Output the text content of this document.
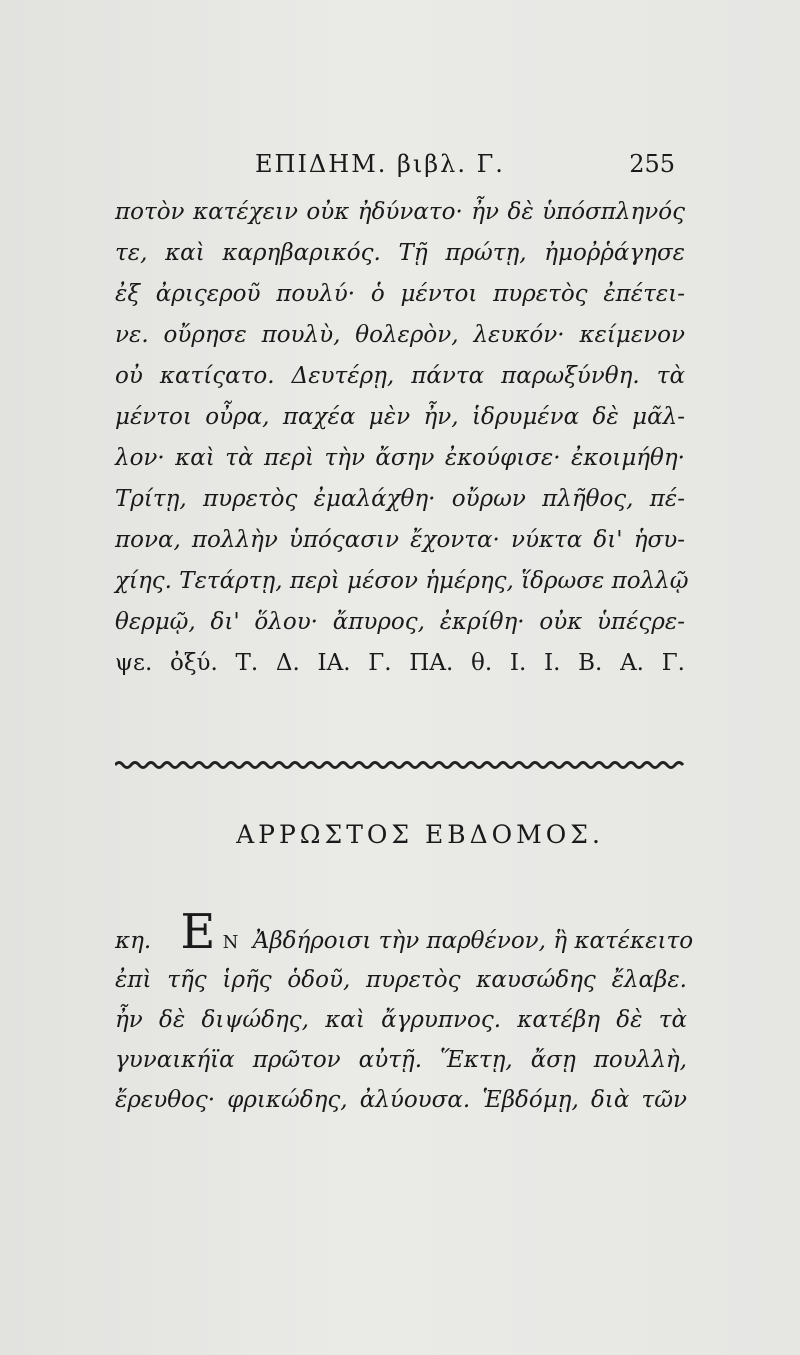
ΕΠΙΔΗΜ. βιβλ. Γ.	255
ποτὸν κατέχειν οὐκ ἠδύνατο· ἦν δὲ ὑπόσπληνός
τε, καὶ καρηβαρικός. Τῇ πρώτῃ, ἠμοῤῥάγησε
ἐξ ἀριςεροῦ πουλύ· ὁ μέντοι πυρετὸς ἐπέτει-
νε. οὔρησε πουλὺ, θολερὸν, λευκόν· κείμενον
οὐ κατίςατο. Δευτέρῃ, πάντα παρωξύνθη. τὰ
μέντοι οὖρα, παχέα μὲν ἦν, ἱδρυμένα δὲ μᾶλ-
λον· καὶ τὰ περὶ τὴν ἄσην ἐκούφισε· ἐκοιμήθη·
Τρίτῃ, πυρετὸς ἐμαλάχθη· οὔρων πλῆθος, πέ-
πονα, πολλὴν ὑπόςασιν ἔχοντα· νύκτα δι' ἡσυ-
χίης. Τετάρτῃ, περὶ μέσον ἡμέρης, ἵδρωσε πολλῷ
θερμῷ, δι' ὅλου· ἄπυρος, ἐκρίθη· οὐκ ὑπέςρε-
ψε. ὀξύ. Τ. Δ. ΙΑ. Γ. ΠΑ. θ. Ι. Ι. Β. Α. Γ.
ΑΡΡΩΣΤΟΣ ΕΒΔΟΜΟΣ.
κη. Ε Ν Ἀβδήροισι τὴν παρθένον, ἣ κατέκειτο
ἐπὶ τῆς ἱρῆς ὁδοῦ, πυρετὸς καυσώδης ἔλαβε.
ἦν δὲ διψώδης, καὶ ἄγρυπνος. κατέβη δὲ τὰ
γυναικήϊα πρῶτον αὐτῇ. Ἕκτῃ, ἄσῃ πουλλὴ,
ἔρευθος· φρικώδης, ἀλύουσα. Ἑβδόμῃ, διὰ τῶν
